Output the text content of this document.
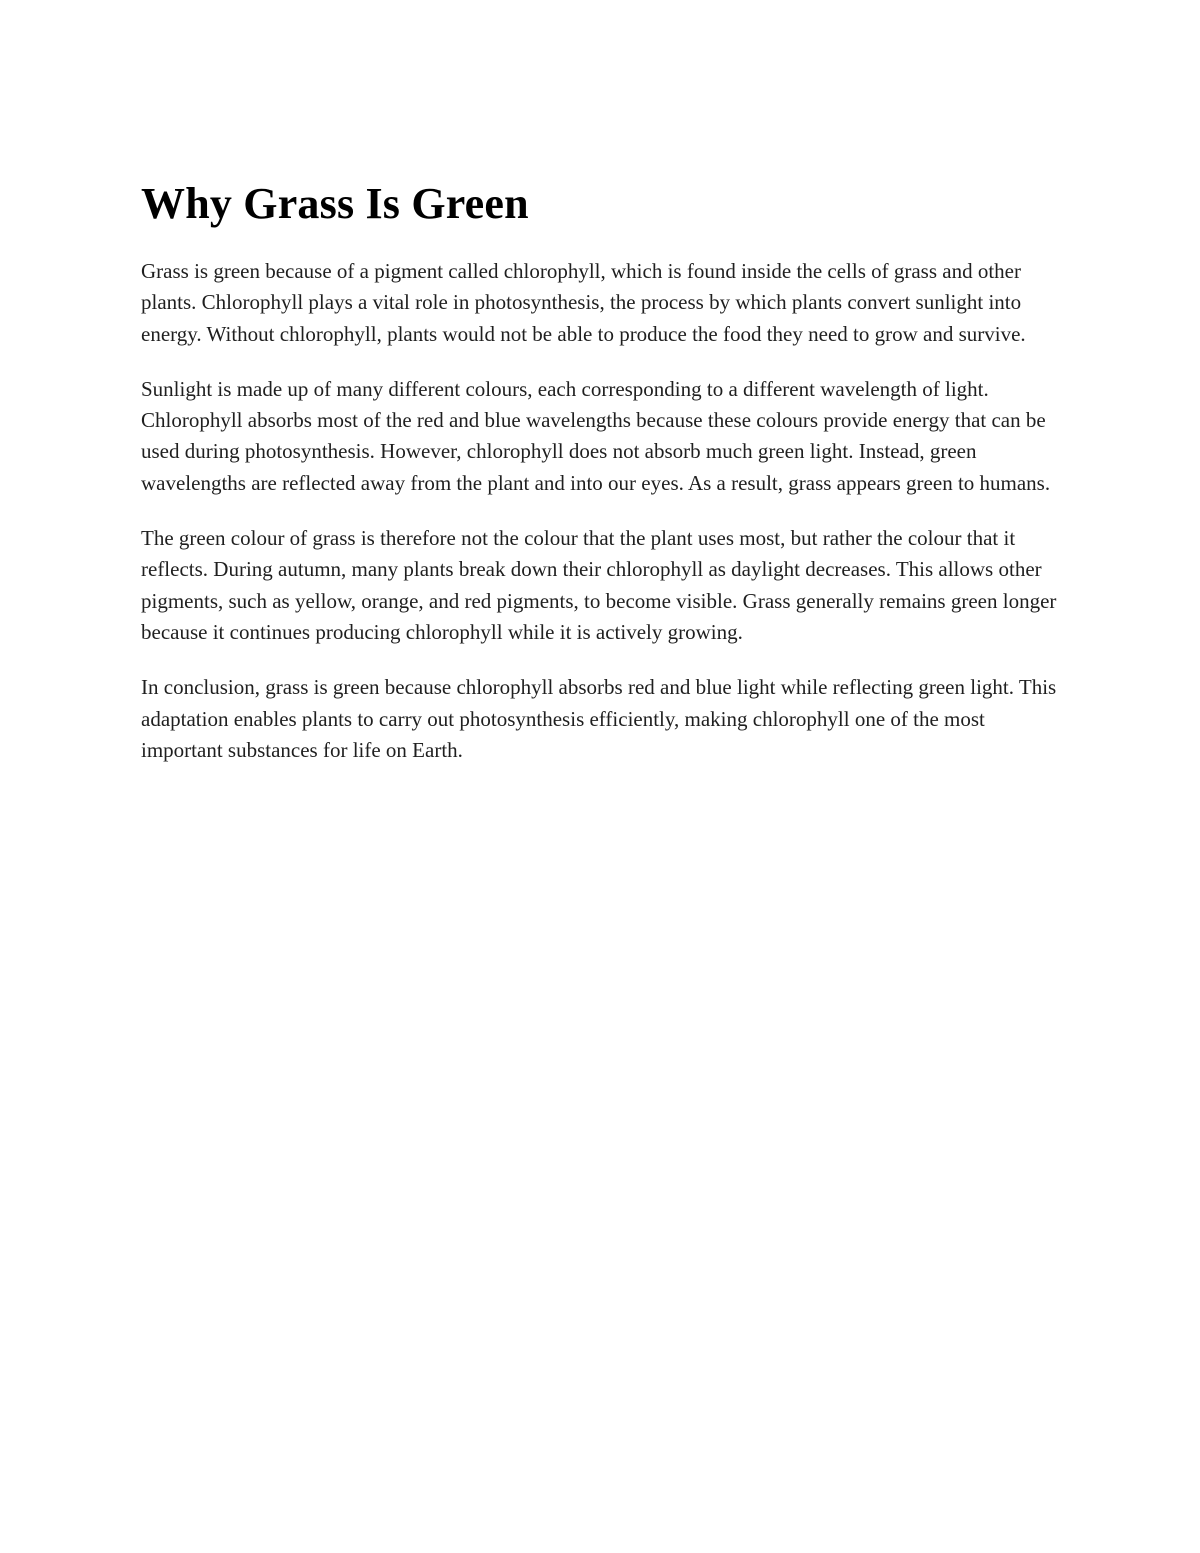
Why Grass Is Green

Grass is green because of a pigment called chlorophyll, which is found inside the cells of grass and other plants. Chlorophyll plays a vital role in photosynthesis, the process by which plants convert sunlight into energy. Without chlorophyll, plants would not be able to produce the food they need to grow and survive.

Sunlight is made up of many different colours, each corresponding to a different wavelength of light. Chlorophyll absorbs most of the red and blue wavelengths because these colours provide energy that can be used during photosynthesis. However, chlorophyll does not absorb much green light. Instead, green wavelengths are reflected away from the plant and into our eyes. As a result, grass appears green to humans.

The green colour of grass is therefore not the colour that the plant uses most, but rather the colour that it reflects. During autumn, many plants break down their chlorophyll as daylight decreases. This allows other pigments, such as yellow, orange, and red pigments, to become visible. Grass generally remains green longer because it continues producing chlorophyll while it is actively growing.

In conclusion, grass is green because chlorophyll absorbs red and blue light while reflecting green light. This adaptation enables plants to carry out photosynthesis efficiently, making chlorophyll one of the most important substances for life on Earth.
